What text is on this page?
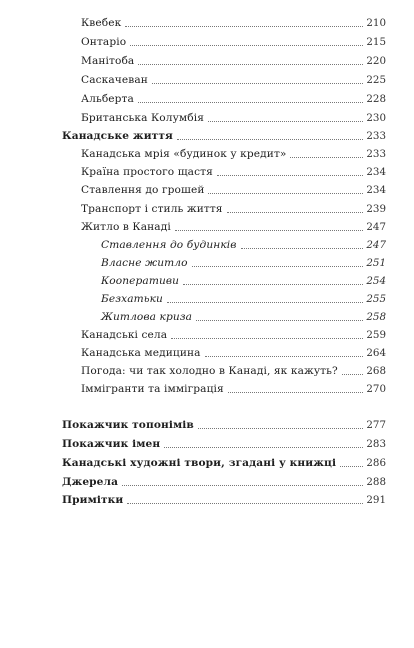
Квебек	210
Онтаріо	215
Манітоба	220
Саскачеван	225
Альберта	228
Британська Колумбія	230
Канадське життя	233
Канадська мрія «будинок у кредит»	233
Країна простого щастя	234
Ставлення до грошей	234
Транспорт і стиль життя	239
Житло в Канаді	247
Ставлення до будинків	247
Власне житло	251
Кооперативи	254
Безхатьки	255
Житлова криза	258
Канадські села	259
Канадська медицина	264
Погода: чи так холодно в Канаді, як кажуть?	268
Іммігранти та імміграція	270
Покажчик топонімів	277
Покажчик імен	283
Канадські художні твори, згадані у книжці	286
Джерела	288
Примітки	291
